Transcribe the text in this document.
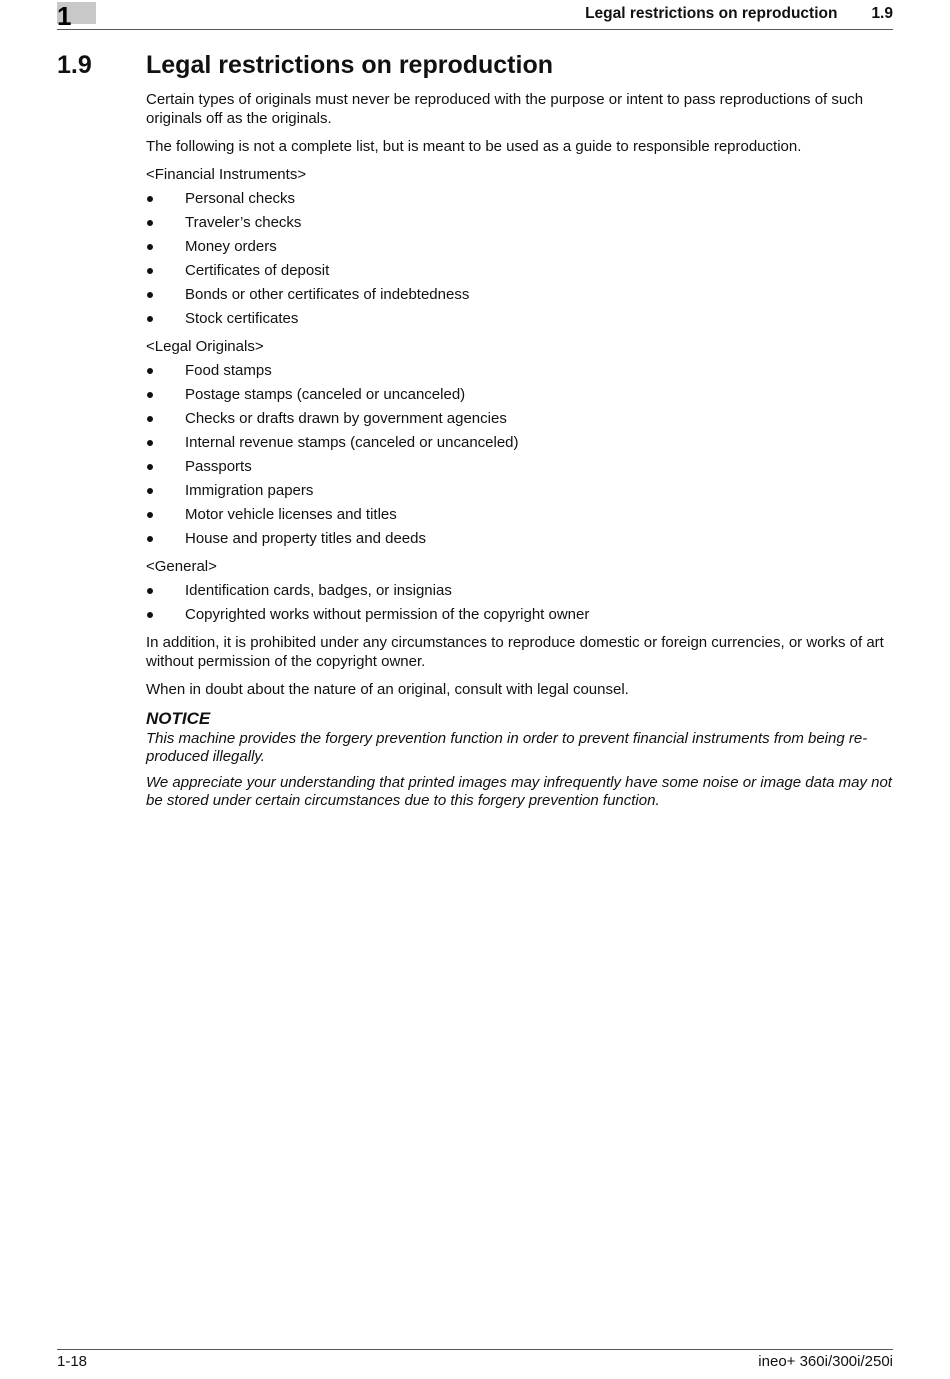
1	Legal restrictions on reproduction 1.9
1.9 Legal restrictions on reproduction

Certain types of originals must never be reproduced with the purpose or intent to pass reproductions of such originals off as the originals.

The following is not a complete list, but is meant to be used as a guide to responsible reproduction.

<Financial Instruments>
Personal checks
Traveler’s checks
Money orders
Certificates of deposit
Bonds or other certificates of indebtedness
Stock certificates
<Legal Originals>
Food stamps
Postage stamps (canceled or uncanceled)
Checks or drafts drawn by government agencies
Internal revenue stamps (canceled or uncanceled)
Passports
Immigration papers
Motor vehicle licenses and titles
House and property titles and deeds
<General>
Identification cards, badges, or insignias
Copyrighted works without permission of the copyright owner

In addition, it is prohibited under any circumstances to reproduce domestic or foreign currencies, or works of art without permission of the copyright owner.

When in doubt about the nature of an original, consult with legal counsel.

NOTICE

This machine provides the forgery prevention function in order to prevent financial instruments from being re-produced illegally.

We appreciate your understanding that printed images may infrequently have some noise or image data may not be stored under certain circumstances due to this forgery prevention function.

1-18	ineo+ 360i/300i/250i
